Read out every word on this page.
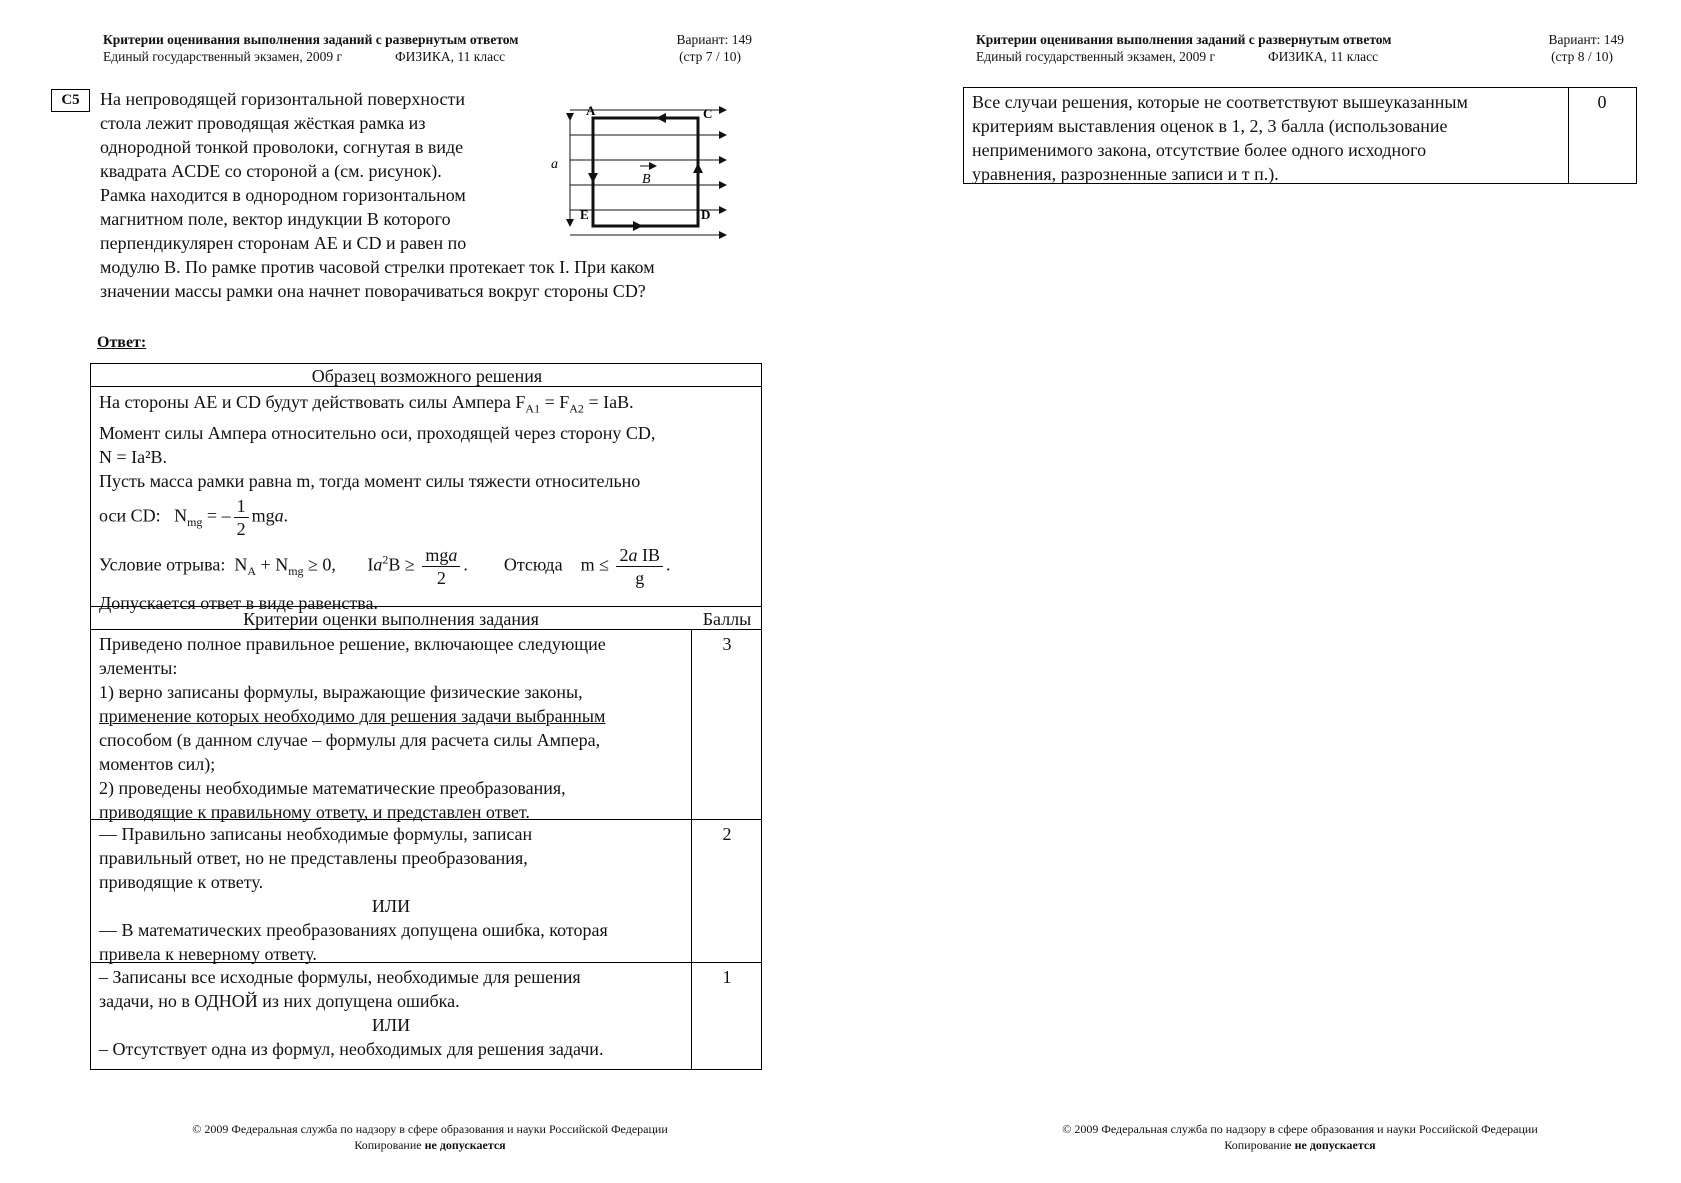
Критерии оценивания выполнения заданий с развернутым ответом
Единый государственный экзамен, 2009 г	ФИЗИКА, 11 класс
Вариант: 149
(стр 7 / 10)
C5	На непроводящей горизонтальной поверхности
стола лежит проводящая жёсткая рамка из
однородной тонкой проволоки, согнутая в виде
квадрата ACDE со стороной a (см. рисунок).
Рамка находится в однородном горизонтальном
магнитном поле, вектор индукции B которого
перпендикулярен сторонам AE и CD и равен по
модулю B. По рамке против часовой стрелки протекает ток I. При каком
значении массы рамки она начнет поворачиваться вокруг стороны CD?
A	C
E	D
a
B
Ответ:
Образец возможного решения
На стороны AE и CD будут действовать силы Ампера $F_{A1} = F_{A2}$ = IaB.
Момент силы Ампера относительно оси, проходящей через сторону CD,
N = Ia²B.
Пусть масса рамки равна m, тогда момент силы тяжести относительно
оси CD:   $N_{mg}$ = – $\frac{1}{2}$ mga.
Условие отрыва:  $N_A + N_{mg} \ge 0$,       $Ia^2B \ge \frac{\text{mga}}{2}$ .        Отсюда    $m \le \frac{\text{2a IB}}{g}$ .
Допускается ответ в виде равенства.
Критерии оценки выполнения задания	Баллы
Приведено полное правильное решение, включающее следующие
элементы:
1) верно записаны формулы, выражающие физические законы,
применение которых необходимо для решения задачи выбранным
способом (в данном случае – формулы для расчета силы Ампера,
моментов сил);
2) проведены необходимые математические преобразования,
приводящие к правильному ответу, и представлен ответ.
3
— Правильно записаны необходимые формулы, записан
правильный ответ, но не представлены преобразования,
приводящие к ответу.
ИЛИ
— В математических преобразованиях допущена ошибка, которая
привела к неверному ответу.
2
– Записаны все исходные формулы, необходимые для решения
задачи, но в ОДНОЙ из них допущена ошибка.
ИЛИ
– Отсутствует одна из формул, необходимых для решения задачи.
1
© 2009 Федеральная служба по надзору в сфере образования и науки Российской Федерации
Копирование не допускается
Критерии оценивания выполнения заданий с развернутым ответом
Единый государственный экзамен, 2009 г	ФИЗИКА, 11 класс
Вариант: 149
(стр 8 / 10)
Все случаи решения, которые не соответствуют вышеуказанным
критериям выставления оценок в 1, 2, 3 балла (использование
неприменимого закона, отсутствие более одного исходного
уравнения, разрозненные записи и т п.).
0
© 2009 Федеральная служба по надзору в сфере образования и науки Российской Федерации
Копирование не допускается
